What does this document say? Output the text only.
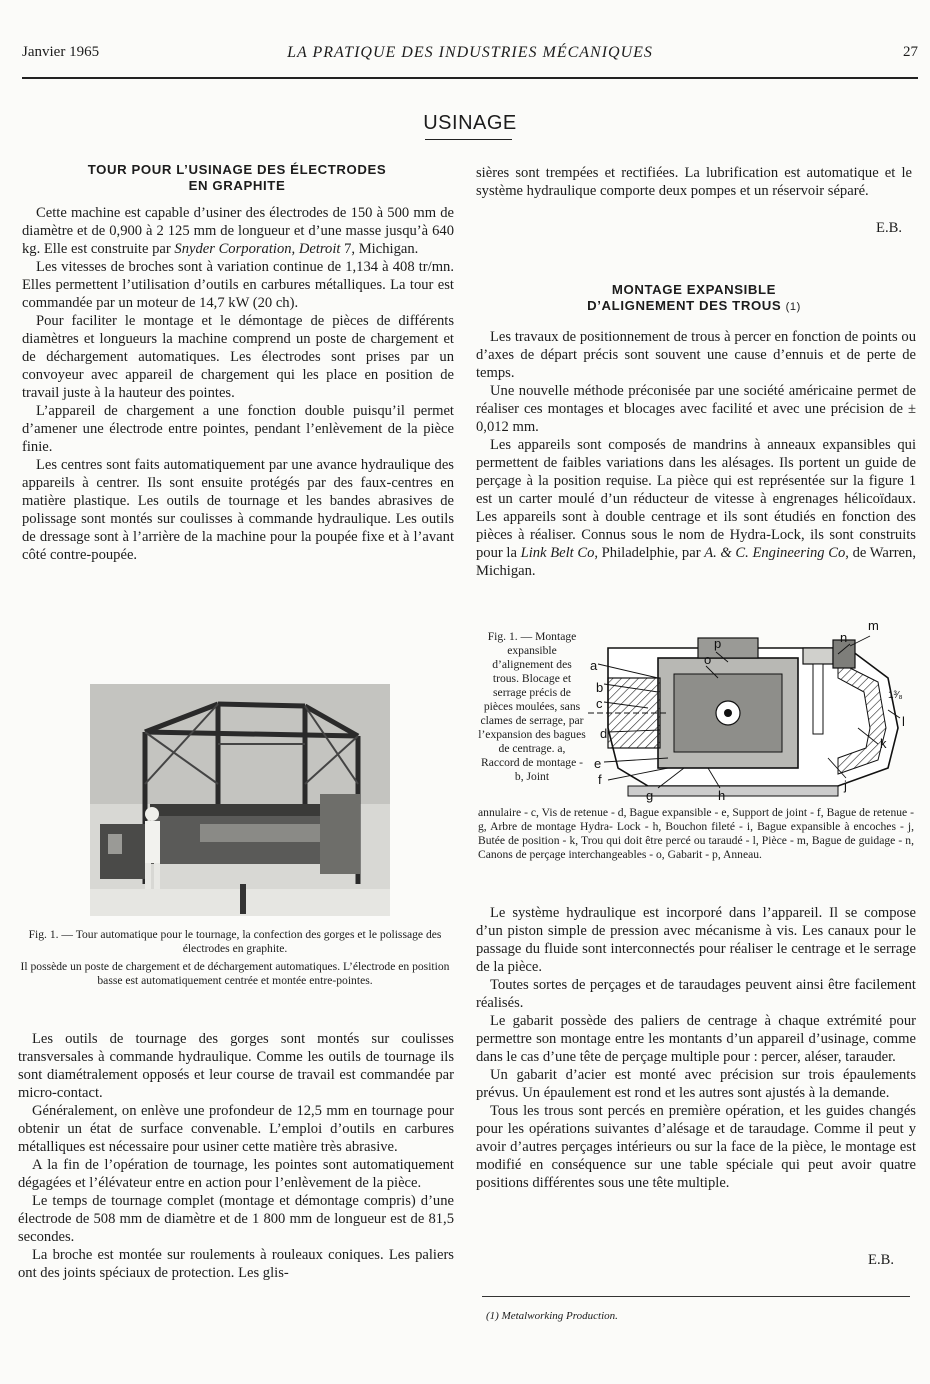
Janvier 1965	LA PRATIQUE DES INDUSTRIES MÉCANIQUES	27
USINAGE
TOUR POUR L’USINAGE DES ÉLECTRODES
EN GRAPHITE

Cette machine est capable d’usiner des électrodes de 150 à 500 mm de diamètre et de 0,900 à 2 125 mm de longueur et d’une masse jusqu’à 640 kg. Elle est construite par Snyder Corporation, Detroit 7, Michigan.

Les vitesses de broches sont à variation continue de 1,134 à 408 tr/mn. Elles permettent l’utilisation d’outils en carbures métalliques. La tour est commandée par un moteur de 14,7 kW (20 ch).

Pour faciliter le montage et le démontage de pièces de différents diamètres et longueurs la machine comprend un poste de chargement et de déchargement automatiques. Les électrodes sont prises par un convoyeur avec appareil de chargement qui les place en position de travail juste à la hauteur des pointes.

L’appareil de chargement a une fonction double puisqu’il permet d’amener une électrode entre pointes, pendant l’enlèvement de la pièce finie.

Les centres sont faits automatiquement par une avance hydraulique des appareils à centrer. Ils sont ensuite protégés par des faux-centres en matière plastique. Les outils de tournage et les bandes abrasives de polissage sont montés sur coulisses à commande hydraulique. Les outils de dressage sont à l’arrière de la machine pour la poupée fixe et à l’avant côté contre-poupée.

Fig. 1. — Tour automatique pour le tournage, la confection des gorges et le polissage des électrodes en graphite.

Il possède un poste de chargement et de déchargement automatiques. L’électrode en position basse est automatiquement centrée et montée entre-pointes.

Les outils de tournage des gorges sont montés sur coulisses transversales à commande hydraulique. Comme les outils de tournage ils sont diamétralement opposés et leur course de travail est commandée par micro-contact.

Généralement, on enlève une profondeur de 12,5 mm en tournage pour obtenir un état de surface convenable. L’emploi d’outils en carbures métalliques est nécessaire pour usiner cette matière très abrasive.

A la fin de l’opération de tournage, les pointes sont automatiquement dégagées et l’élévateur entre en action pour l’enlèvement de la pièce.

Le temps de tournage complet (montage et démontage compris) d’une électrode de 508 mm de diamètre et de 1 800 mm de longueur est de 81,5 secondes.

La broche est montée sur roulements à rouleaux coniques. Les paliers ont des joints spéciaux de protection. Les glis-

sières sont trempées et rectifiées. La lubrification est automatique et le système hydraulique comporte deux pompes et un réservoir séparé.

E.B.
MONTAGE EXPANSIBLE
D’ALIGNEMENT DES TROUS (1)

Les travaux de positionnement de trous à percer en fonction de points ou d’axes de départ précis sont souvent une cause d’ennuis et de perte de temps.

Une nouvelle méthode préconisée par une société américaine permet de réaliser ces montages et blocages avec facilité et avec une précision de ± 0,012 mm.

Les appareils sont composés de mandrins à anneaux expansibles qui permettent de faibles variations dans les alésages. Ils portent un guide de perçage à la position requise. La pièce qui est représentée sur la figure 1 est un carter moulé d’un réducteur de vitesse à engrenages hélicoïdaux. Les appareils sont à double centrage et ils sont étudiés en fonction des pièces à réaliser. Connus sous le nom de Hydra-Lock, ils sont construits pour la Link Belt Co, Philadelphie, par A. & C. Engineering Co, de Warren, Michigan.

Fig. 1. — Montage expansible d’alignement des trous. Blocage et serrage précis de pièces moulées, sans clames de serrage, par l’expansion des bagues de centrage. a, Raccord de montage - b, Joint
a
b
c
d
e
f
g	h
j
k
l
1³⁄₈
n
m
p
o
annulaire - c, Vis de retenue - d, Bague expansible - e, Support de joint - f, Bague de retenue - g, Arbre de montage Hydra- Lock - h, Bouchon fileté - i, Bague expansible à encoches - j, Butée de position - k, Trou qui doit être percé ou taraudé - l, Pièce - m, Bague de guidage - n, Canons de perçage interchangeables - o, Gabarit - p, Anneau.

Le système hydraulique est incorporé dans l’appareil. Il se compose d’un piston simple de pression avec mécanisme à vis. Les canaux pour le passage du fluide sont interconnectés pour réaliser le centrage et le serrage de la pièce.

Toutes sortes de perçages et de taraudages peuvent ainsi être facilement réalisés.

Le gabarit possède des paliers de centrage à chaque extrémité pour permettre son montage entre les montants d’un appareil d’usinage, comme dans le cas d’une tête de perçage multiple pour : percer, aléser, tarauder.

Un gabarit d’acier est monté avec précision sur trois épaulements prévus. Un épaulement est rond et les autres sont ajustés à la demande.

Tous les trous sont percés en première opération, et les guides changés pour les opérations suivantes d’alésage et de taraudage. Comme il peut y avoir d’autres perçages intérieurs ou sur la face de la pièce, le montage est modifié en conséquence sur une table spéciale qui peut avoir quatre positions différentes sous une tête multiple.

E.B.
(1) Metalworking Production.
